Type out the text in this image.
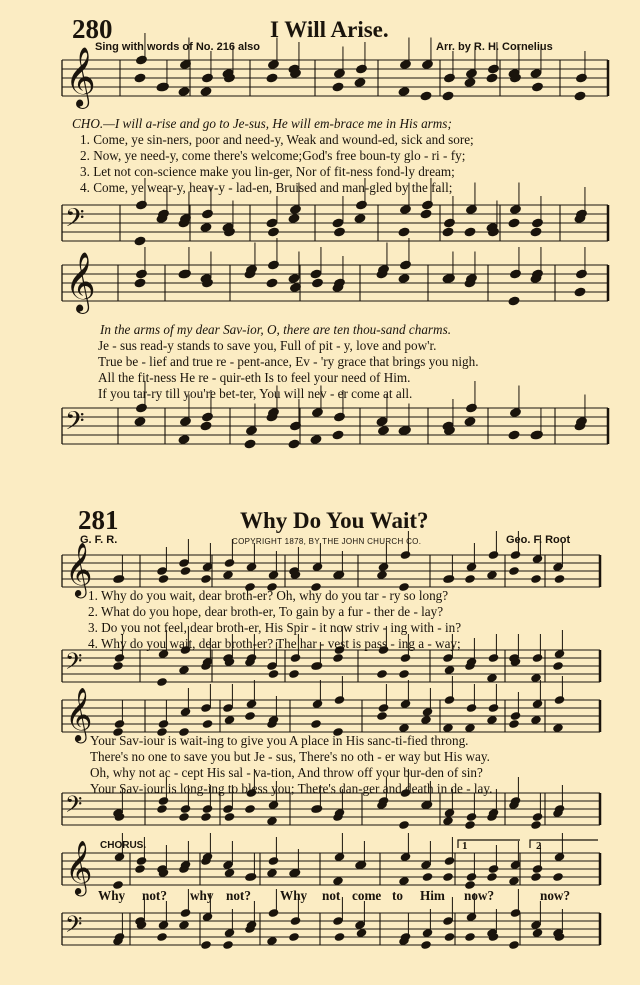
280	I Will Arise.
Sing with words of No. 216 also	Arr. by R. H. Cornelius
𝄞
𝄢
𝄞
𝄢
𝄞
𝄢
𝄞
𝄢
𝄞
𝄢
CHO.—I will a-rise and go to Je-sus, He will em-brace me in His arms;
1. Come, ye sin-ners, poor and need-y, Weak and wound-ed, sick and sore;
2. Now, ye need-y, come there's welcome;God's free boun-ty glo - ri - fy;
3. Let not con-science make you lin-ger, Nor of fit-ness fond-ly dream;
4. Come, ye wear-y, heav-y - lad-en, Bruised and man-gled by the fall;
In the arms of my dear Sav-ior, O, there are ten thou-sand charms.
Je - sus read-y stands to save you, Full of pit - y, love and pow'r.
True be - lief and true re - pent-ance, Ev - 'ry grace that brings you nigh.
All the fit-ness He re - quir-eth Is to feel your need of Him.
If you tar-ry till you're bet-ter, You will nev - er come at all.
281	Why Do You Wait?
G. F. R.	COPYRIGHT 1878, BY THE JOHN CHURCH CO.	Geo. F. Root
1. Why do you wait, dear broth-er? Oh, why do you tar - ry so long?
2. What do you hope, dear broth-er, To gain by a fur - ther de - lay?
3. Do you not feel, dear broth-er, His Spir - it now striv - ing with - in?
4. Why do you wait, dear broth-er? The har - vest is pass - ing a - way;
Your Sav-iour is wait-ing to give you A place in His sanc-ti-fied throng.
There's no one to save you but Je - sus, There's no oth - er way but His way.
Oh, why not ac - cept His sal - va-tion, And throw off your bur-den of sin?
Your Sav-iour is long-ing to bless you; There's dan-ger and death in de - lay.
CHORUS.	1	2
Why not? why not? Why not come to Him now?	now?
